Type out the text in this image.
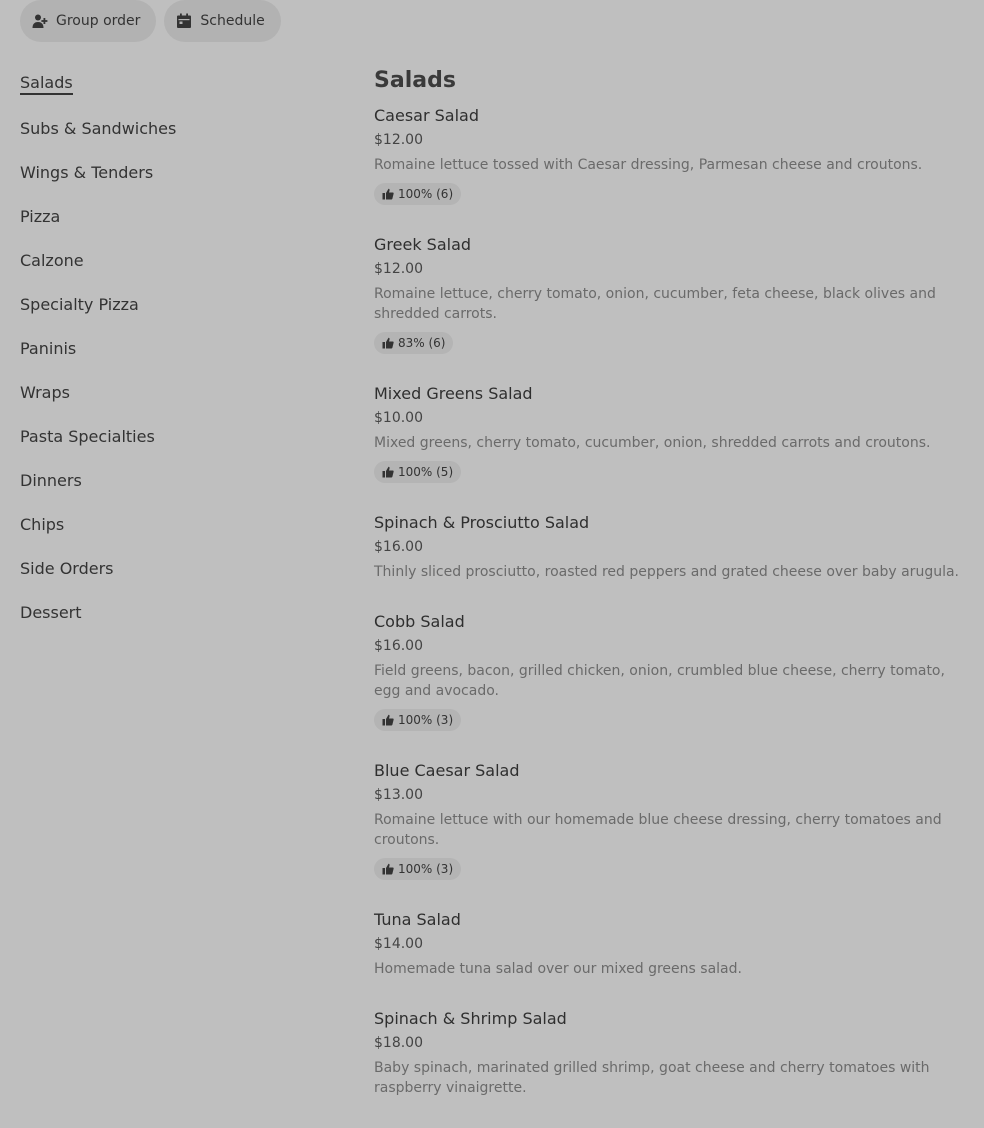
Group order	Schedule
Salads
Subs & Sandwiches
Wings & Tenders
Pizza
Calzone
Specialty Pizza
Paninis
Wraps
Pasta Specialties
Dinners
Chips
Side Orders
Dessert
Salads
Caesar Salad
$12.00
Romaine lettuce tossed with Caesar dressing, Parmesan cheese and croutons.
100% (6)
Greek Salad
$12.00
Romaine lettuce, cherry tomato, onion, cucumber, feta cheese, black olives and shredded carrots.
83% (6)
Mixed Greens Salad
$10.00
Mixed greens, cherry tomato, cucumber, onion, shredded carrots and croutons.
100% (5)
Spinach & Prosciutto Salad
$16.00
Thinly sliced prosciutto, roasted red peppers and grated cheese over baby arugula.
Cobb Salad
$16.00
Field greens, bacon, grilled chicken, onion, crumbled blue cheese, cherry tomato, egg and avocado.
100% (3)
Blue Caesar Salad
$13.00
Romaine lettuce with our homemade blue cheese dressing, cherry tomatoes and croutons.
100% (3)
Tuna Salad
$14.00
Homemade tuna salad over our mixed greens salad.
Spinach & Shrimp Salad
$18.00
Baby spinach, marinated grilled shrimp, goat cheese and cherry tomatoes with raspberry vinaigrette.
